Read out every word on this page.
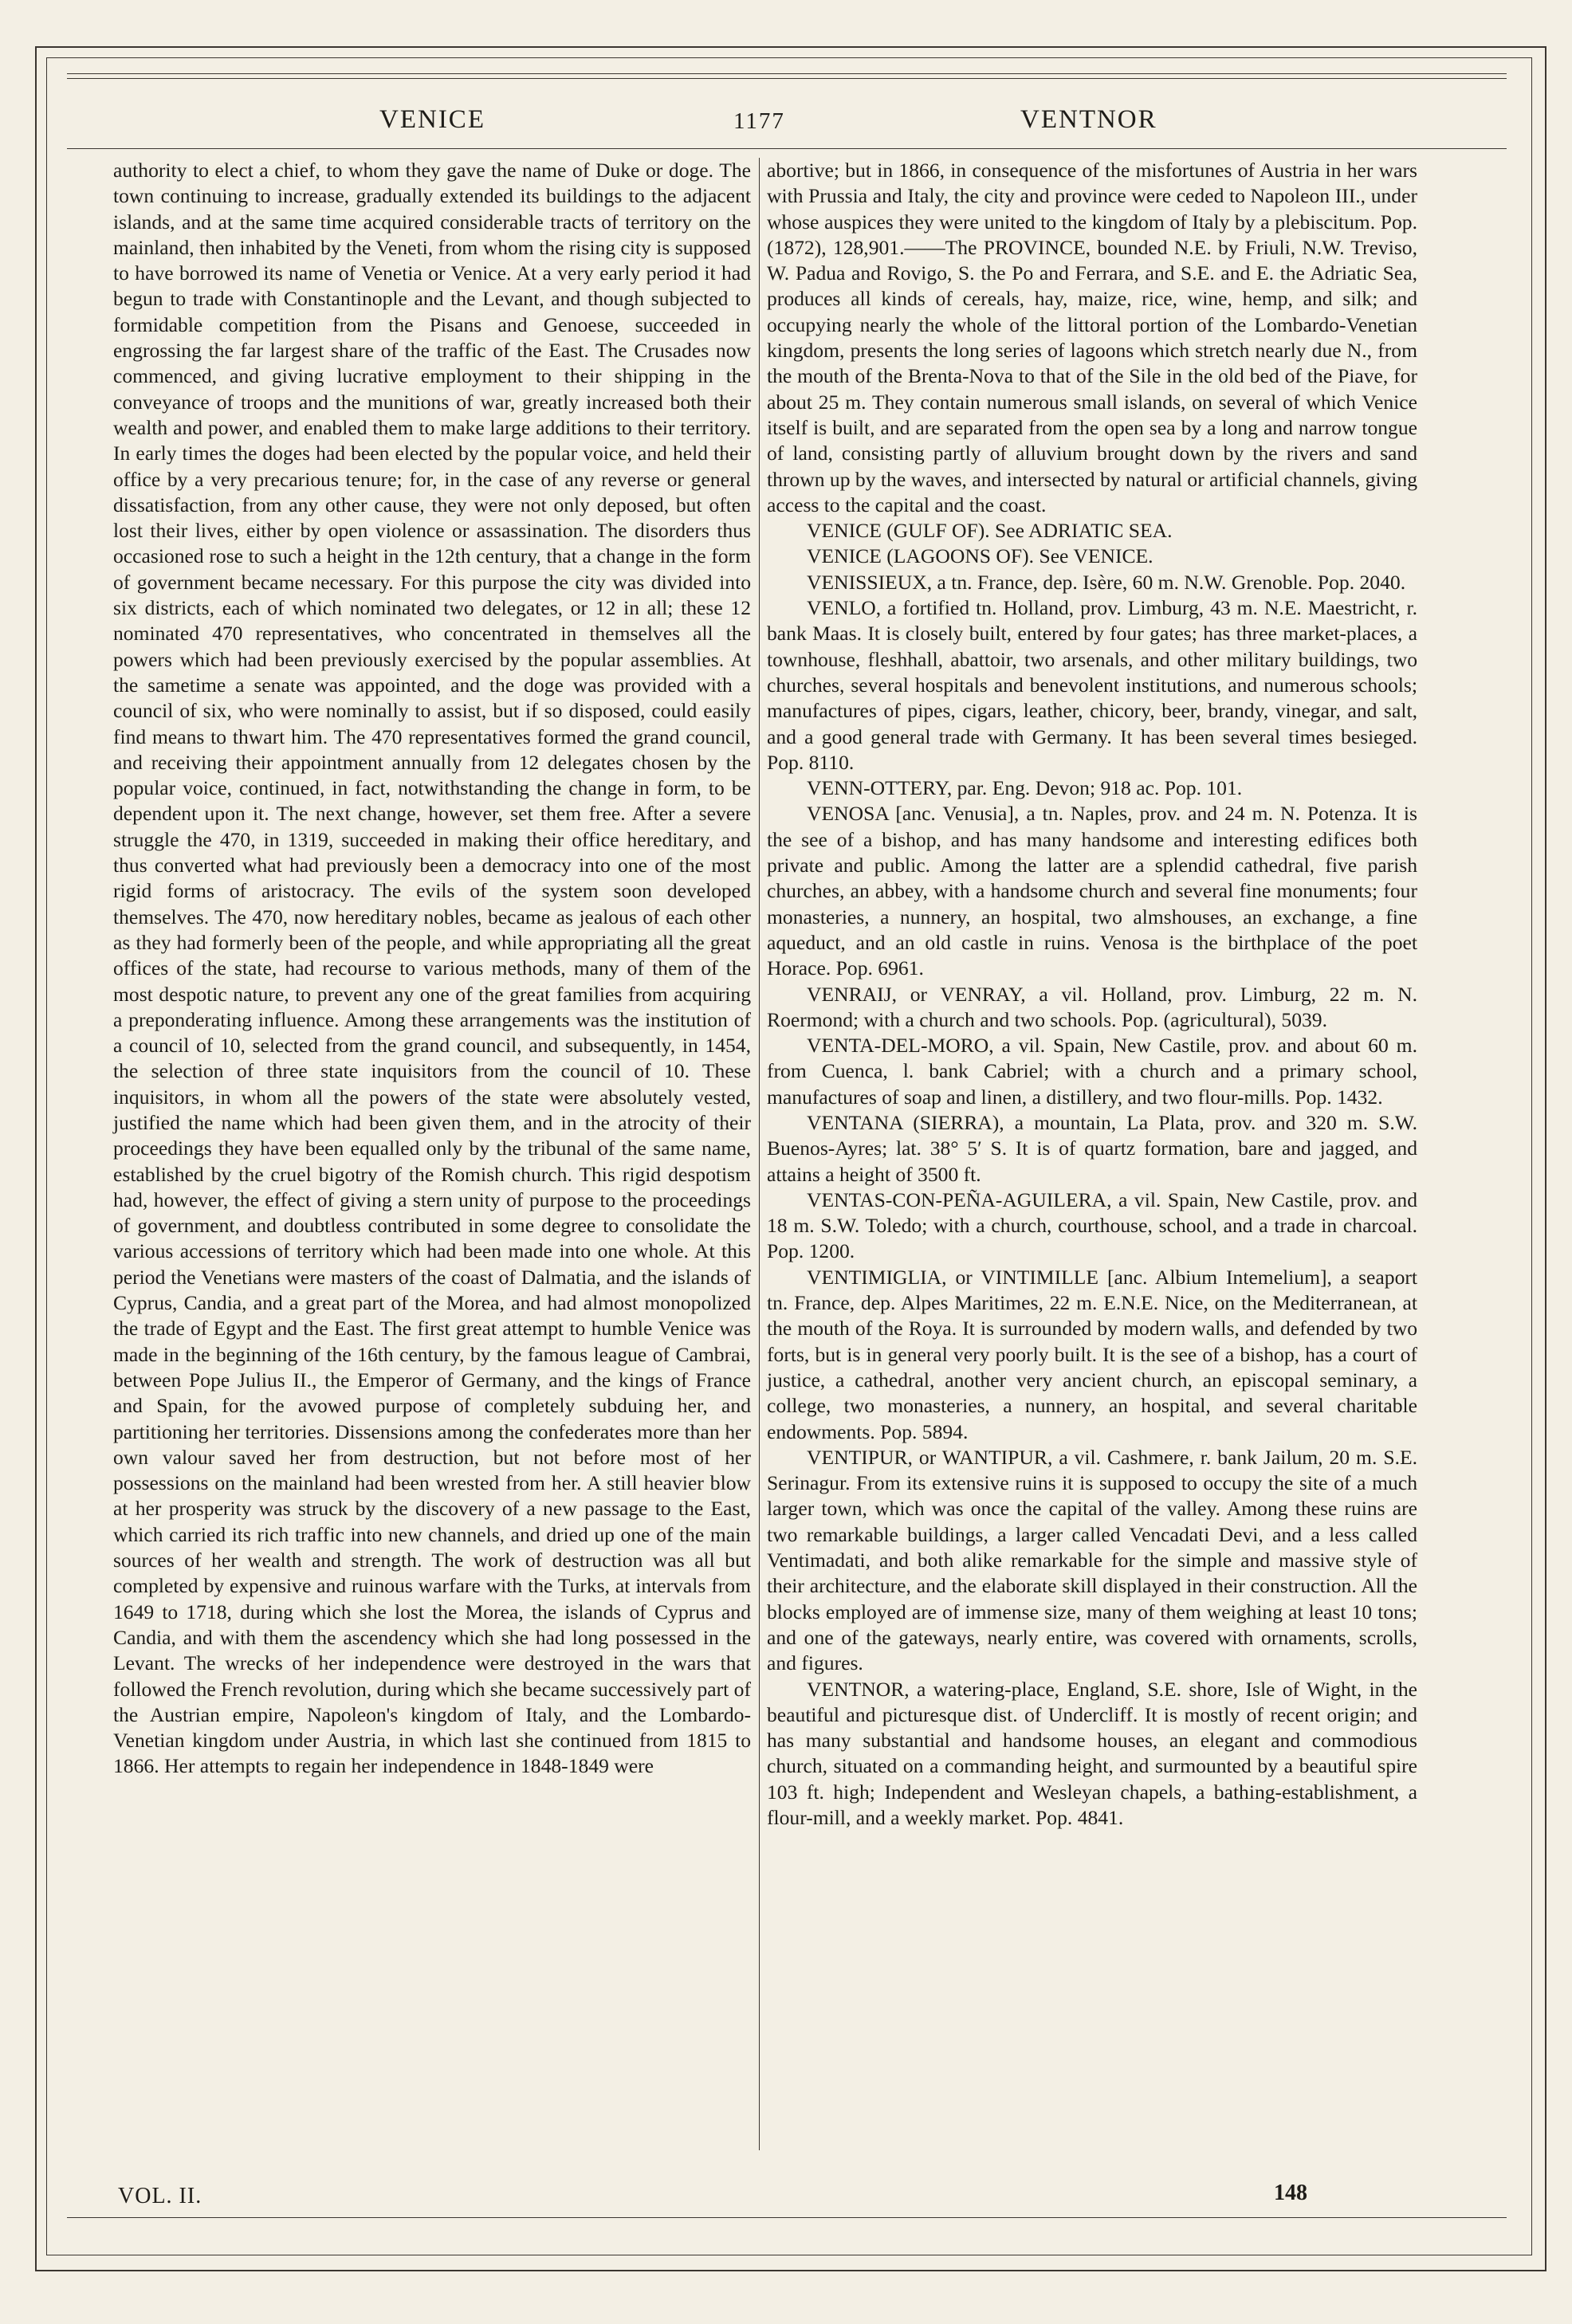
VENICE	1177	VENTNOR

authority to elect a chief, to whom they gave the name of Duke or doge. The town continuing to increase, gradually extended its buildings to the adjacent islands, and at the same time acquired considerable tracts of territory on the mainland, then inhabited by the Veneti, from whom the rising city is supposed to have borrowed its name of Venetia or Venice. At a very early period it had begun to trade with Constantinople and the Levant, and though subjected to formidable competition from the Pisans and Genoese, succeeded in engrossing the far largest share of the traffic of the East. The Crusades now commenced, and giving lucrative employment to their shipping in the conveyance of troops and the munitions of war, greatly increased both their wealth and power, and enabled them to make large additions to their territory. In early times the doges had been elected by the popular voice, and held their office by a very precarious tenure; for, in the case of any reverse or general dissatisfaction, from any other cause, they were not only deposed, but often lost their lives, either by open violence or assassination. The disorders thus occasioned rose to such a height in the 12th century, that a change in the form of government became necessary. For this purpose the city was divided into six districts, each of which nominated two delegates, or 12 in all; these 12 nominated 470 representatives, who concentrated in themselves all the powers which had been previously exercised by the popular assemblies. At the sametime a senate was appointed, and the doge was provided with a council of six, who were nominally to assist, but if so disposed, could easily find means to thwart him. The 470 representatives formed the grand council, and receiving their appointment annually from 12 delegates chosen by the popular voice, continued, in fact, notwithstanding the change in form, to be dependent upon it. The next change, however, set them free. After a severe struggle the 470, in 1319, succeeded in making their office hereditary, and thus converted what had previously been a democracy into one of the most rigid forms of aristocracy. The evils of the system soon developed themselves. The 470, now hereditary nobles, became as jealous of each other as they had formerly been of the people, and while appropriating all the great offices of the state, had recourse to various methods, many of them of the most despotic nature, to prevent any one of the great families from acquiring a preponderating influence. Among these arrangements was the institution of a council of 10, selected from the grand council, and subsequently, in 1454, the selection of three state inquisitors from the council of 10. These inquisitors, in whom all the powers of the state were absolutely vested, justified the name which had been given them, and in the atrocity of their proceedings they have been equalled only by the tribunal of the same name, established by the cruel bigotry of the Romish church. This rigid despotism had, however, the effect of giving a stern unity of purpose to the proceedings of government, and doubtless contributed in some degree to consolidate the various accessions of territory which had been made into one whole. At this period the Venetians were masters of the coast of Dalmatia, and the islands of Cyprus, Candia, and a great part of the Morea, and had almost monopolized the trade of Egypt and the East. The first great attempt to humble Venice was made in the beginning of the 16th century, by the famous league of Cambrai, between Pope Julius II., the Emperor of Germany, and the kings of France and Spain, for the avowed purpose of completely subduing her, and partitioning her territories. Dissensions among the confederates more than her own valour saved her from destruction, but not before most of her possessions on the mainland had been wrested from her. A still heavier blow at her prosperity was struck by the discovery of a new passage to the East, which carried its rich traffic into new channels, and dried up one of the main sources of her wealth and strength. The work of destruction was all but completed by expensive and ruinous warfare with the Turks, at intervals from 1649 to 1718, during which she lost the Morea, the islands of Cyprus and Candia, and with them the ascendency which she had long possessed in the Levant. The wrecks of her independence were destroyed in the wars that followed the French revolution, during which she became successively part of the Austrian empire, Napoleon's kingdom of Italy, and the Lombardo-Venetian kingdom under Austria, in which last she continued from 1815 to 1866. Her attempts to regain her independence in 1848-1849 were

abortive; but in 1866, in consequence of the misfortunes of Austria in her wars with Prussia and Italy, the city and province were ceded to Napoleon III., under whose auspices they were united to the kingdom of Italy by a plebiscitum. Pop. (1872), 128,901.——The PROVINCE, bounded N.E. by Friuli, N.W. Treviso, W. Padua and Rovigo, S. the Po and Ferrara, and S.E. and E. the Adriatic Sea, produces all kinds of cereals, hay, maize, rice, wine, hemp, and silk; and occupying nearly the whole of the littoral portion of the Lombardo-Venetian kingdom, presents the long series of lagoons which stretch nearly due N., from the mouth of the Brenta-Nova to that of the Sile in the old bed of the Piave, for about 25 m. They contain numerous small islands, on several of which Venice itself is built, and are separated from the open sea by a long and narrow tongue of land, consisting partly of alluvium brought down by the rivers and sand thrown up by the waves, and intersected by natural or artificial channels, giving access to the capital and the coast.

VENICE (GULF OF). See ADRIATIC SEA.

VENICE (LAGOONS OF). See VENICE.

VENISSIEUX, a tn. France, dep. Isère, 60 m. N.W. Grenoble. Pop. 2040.

VENLO, a fortified tn. Holland, prov. Limburg, 43 m. N.E. Maestricht, r. bank Maas. It is closely built, entered by four gates; has three market-places, a townhouse, fleshhall, abattoir, two arsenals, and other military buildings, two churches, several hospitals and benevolent institutions, and numerous schools; manufactures of pipes, cigars, leather, chicory, beer, brandy, vinegar, and salt, and a good general trade with Germany. It has been several times besieged. Pop. 8110.

VENN-OTTERY, par. Eng. Devon; 918 ac. Pop. 101.

VENOSA [anc. Venusia], a tn. Naples, prov. and 24 m. N. Potenza. It is the see of a bishop, and has many handsome and interesting edifices both private and public. Among the latter are a splendid cathedral, five parish churches, an abbey, with a handsome church and several fine monuments; four monasteries, a nunnery, an hospital, two almshouses, an exchange, a fine aqueduct, and an old castle in ruins. Venosa is the birthplace of the poet Horace. Pop. 6961.

VENRAIJ, or VENRAY, a vil. Holland, prov. Limburg, 22 m. N. Roermond; with a church and two schools. Pop. (agricultural), 5039.

VENTA-DEL-MORO, a vil. Spain, New Castile, prov. and about 60 m. from Cuenca, l. bank Cabriel; with a church and a primary school, manufactures of soap and linen, a distillery, and two flour-mills. Pop. 1432.

VENTANA (SIERRA), a mountain, La Plata, prov. and 320 m. S.W. Buenos-Ayres; lat. 38° 5′ S. It is of quartz formation, bare and jagged, and attains a height of 3500 ft.

VENTAS-CON-PEÑA-AGUILERA, a vil. Spain, New Castile, prov. and 18 m. S.W. Toledo; with a church, courthouse, school, and a trade in charcoal. Pop. 1200.

VENTIMIGLIA, or VINTIMILLE [anc. Albium Intemelium], a seaport tn. France, dep. Alpes Maritimes, 22 m. E.N.E. Nice, on the Mediterranean, at the mouth of the Roya. It is surrounded by modern walls, and defended by two forts, but is in general very poorly built. It is the see of a bishop, has a court of justice, a cathedral, another very ancient church, an episcopal seminary, a college, two monasteries, a nunnery, an hospital, and several charitable endowments. Pop. 5894.

VENTIPUR, or WANTIPUR, a vil. Cashmere, r. bank Jailum, 20 m. S.E. Serinagur. From its extensive ruins it is supposed to occupy the site of a much larger town, which was once the capital of the valley. Among these ruins are two remarkable buildings, a larger called Vencadati Devi, and a less called Ventimadati, and both alike remarkable for the simple and massive style of their architecture, and the elaborate skill displayed in their construction. All the blocks employed are of immense size, many of them weighing at least 10 tons; and one of the gateways, nearly entire, was covered with ornaments, scrolls, and figures.

VENTNOR, a watering-place, England, S.E. shore, Isle of Wight, in the beautiful and picturesque dist. of Undercliff. It is mostly of recent origin; and has many substantial and handsome houses, an elegant and commodious church, situated on a commanding height, and surmounted by a beautiful spire 103 ft. high; Independent and Wesleyan chapels, a bathing-establishment, a flour-mill, and a weekly market. Pop. 4841.

VOL. II.	148
